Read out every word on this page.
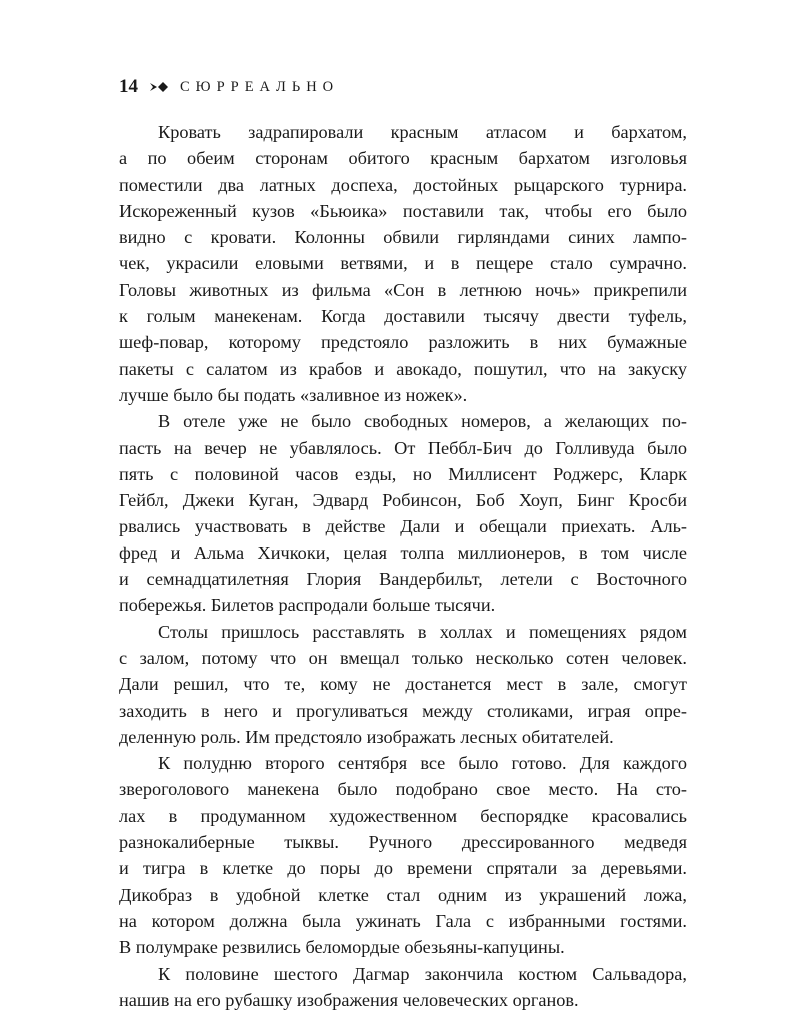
14	СЮРРЕАЛЬНО

Кровать задрапировали красным атласом и бархатом,
а по обеим сторонам обитого красным бархатом изголовья
поместили два латных доспеха, достойных рыцарского турнира.
Искореженный кузов «Бьюика» поставили так, чтобы его было
видно с кровати. Колонны обвили гирляндами синих лампо-
чек, украсили еловыми ветвями, и в пещере стало сумрачно.
Головы животных из фильма «Сон в летнюю ночь» прикрепили
к голым манекенам. Когда доставили тысячу двести туфель,
шеф-повар, которому предстояло разложить в них бумажные
пакеты с салатом из крабов и авокадо, пошутил, что на закуску
лучше было бы подать «заливное из ножек».

В отеле уже не было свободных номеров, а желающих по-
пасть на вечер не убавлялось. От Пеббл-Бич до Голливуда было
пять с половиной часов езды, но Миллисент Роджерс, Кларк
Гейбл, Джеки Куган, Эдвард Робинсон, Боб Хоуп, Бинг Кросби
рвались участвовать в действе Дали и обещали приехать. Аль-
фред и Альма Хичкоки, целая толпа миллионеров, в том числе
и семнадцатилетняя Глория Вандербильт, летели с Восточного
побережья. Билетов распродали больше тысячи.

Столы пришлось расставлять в холлах и помещениях рядом
с залом, потому что он вмещал только несколько сотен человек.
Дали решил, что те, кому не достанется мест в зале, смогут
заходить в него и прогуливаться между столиками, играя опре-
деленную роль. Им предстояло изображать лесных обитателей.

К полудню второго сентября все было готово. Для каждого
звероголового манекена было подобрано свое место. На сто-
лах в продуманном художественном беспорядке красовались
разнокалиберные тыквы. Ручного дрессированного медведя
и тигра в клетке до поры до времени спрятали за деревьями.
Дикобраз в удобной клетке стал одним из украшений ложа,
на котором должна была ужинать Гала с избранными гостями.
В полумраке резвились беломордые обезьяны-капуцины.

К половине шестого Дагмар закончила костюм Сальвадора,
нашив на его рубашку изображения человеческих органов.
